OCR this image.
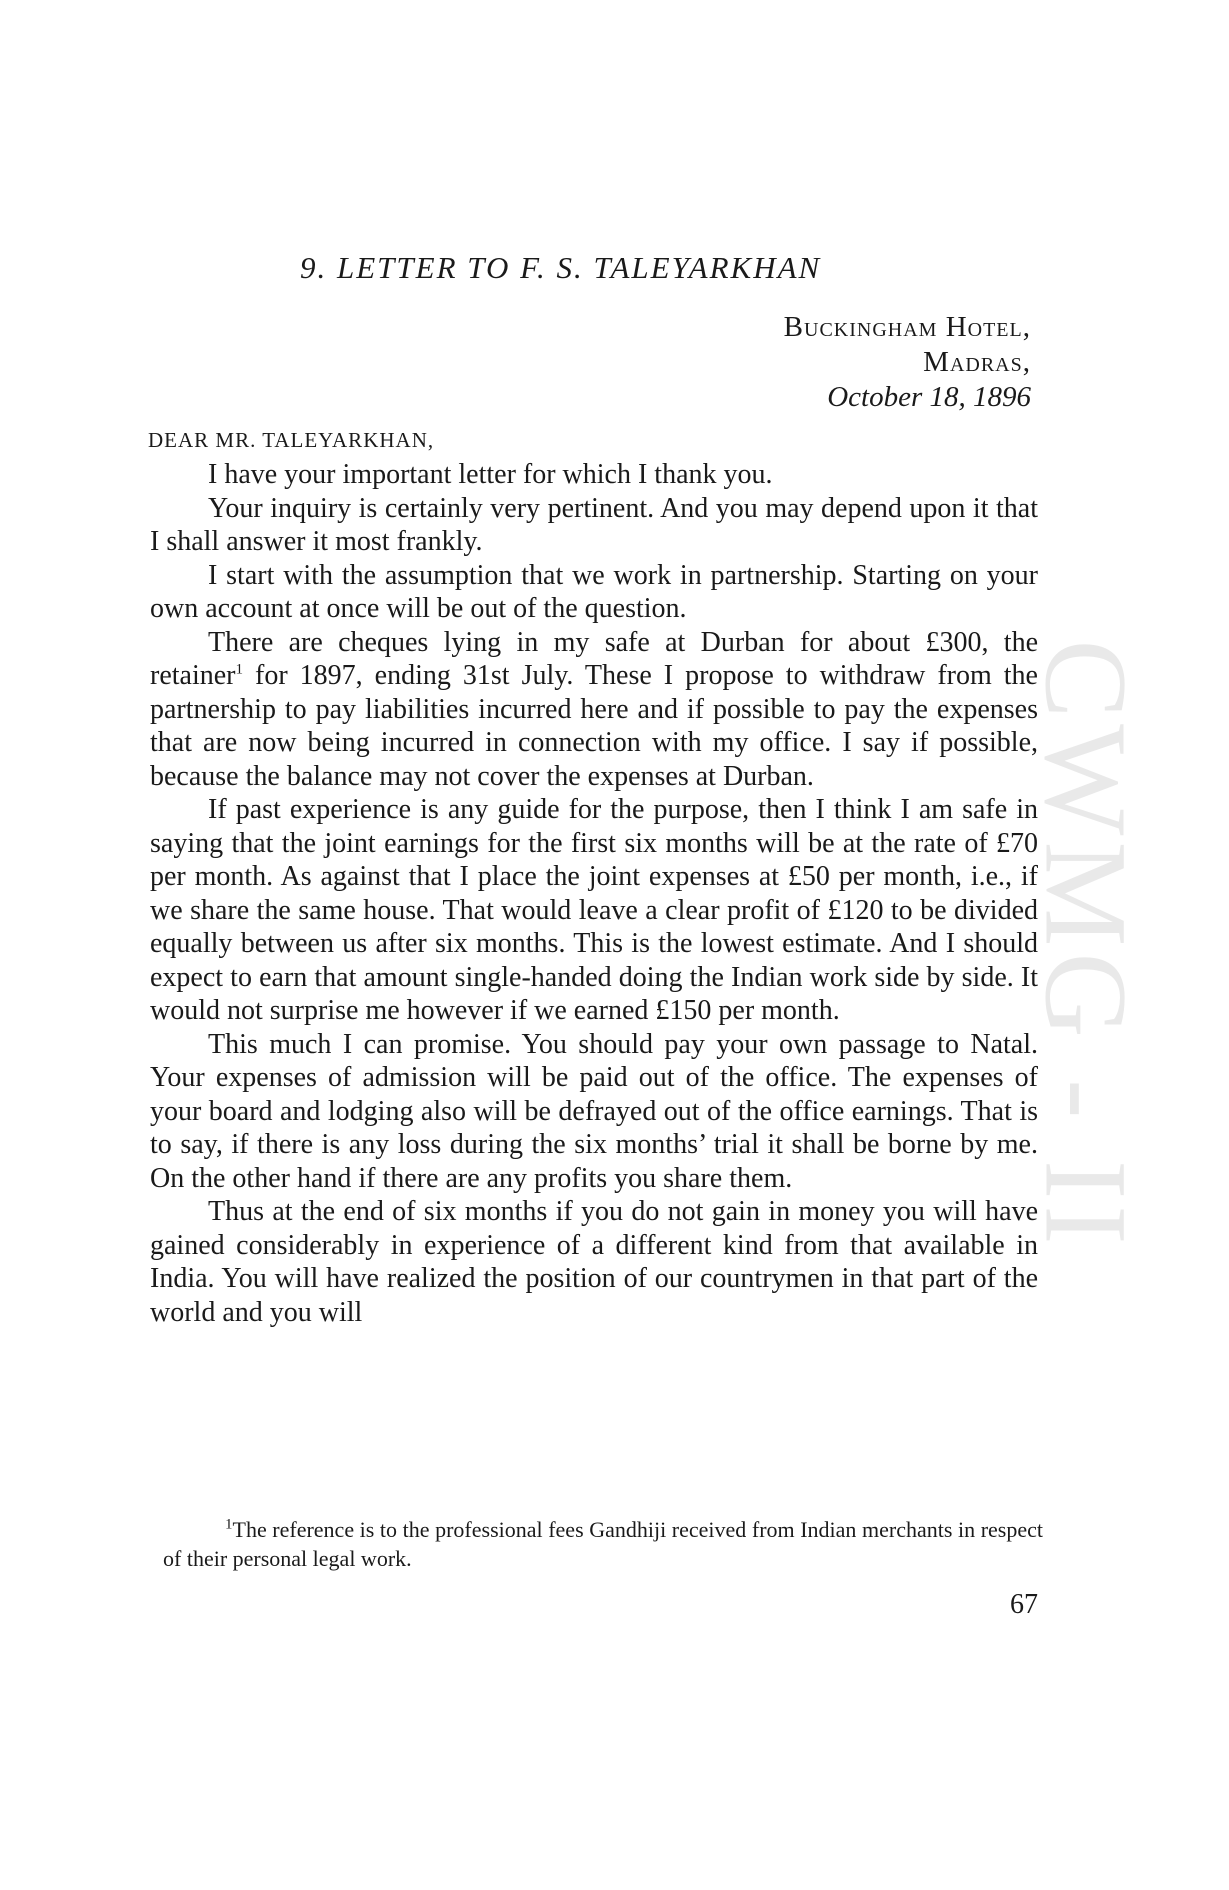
CWMG - II
9. LETTER TO F. S. TALEYARKHAN
Buckingham Hotel,
Madras,
October 18, 1896
DEAR MR. TALEYARKHAN,

I have your important letter for which I thank you.

Your inquiry is certainly very pertinent. And you may depend upon it that I shall answer it most frankly.

I start with the assumption that we work in partnership. Starting on your own account at once will be out of the question.

There are cheques lying in my safe at Durban for about £300, the retainer$^1$ for 1897, ending 31st July. These I propose to withdraw from the partnership to pay liabilities incurred here and if possible to pay the expenses that are now being incurred in connection with my office. I say if possible, because the balance may not cover the expenses at Durban.

If past experience is any guide for the purpose, then I think I am safe in saying that the joint earnings for the first six months will be at the rate of £70 per month. As against that I place the joint expenses at £50 per month, i.e., if we share the same house. That would leave a clear profit of £120 to be divided equally between us after six months. This is the lowest estimate. And I should expect to earn that amount single-handed doing the Indian work side by side. It would not surprise me however if we earned £150 per month.

This much I can promise. You should pay your own passage to Natal. Your expenses of admission will be paid out of the office. The expenses of your board and lodging also will be defrayed out of the office earnings. That is to say, if there is any loss during the six months’ trial it shall be borne by me. On the other hand if there are any profits you share them.

Thus at the end of six months if you do not gain in money you will have gained considerably in experience of a different kind from that available in India. You will have realized the position of our countrymen in that part of the world and you will

$^1$The reference is to the professional fees Gandhiji received from Indian merchants in respect of their personal legal work.

67
